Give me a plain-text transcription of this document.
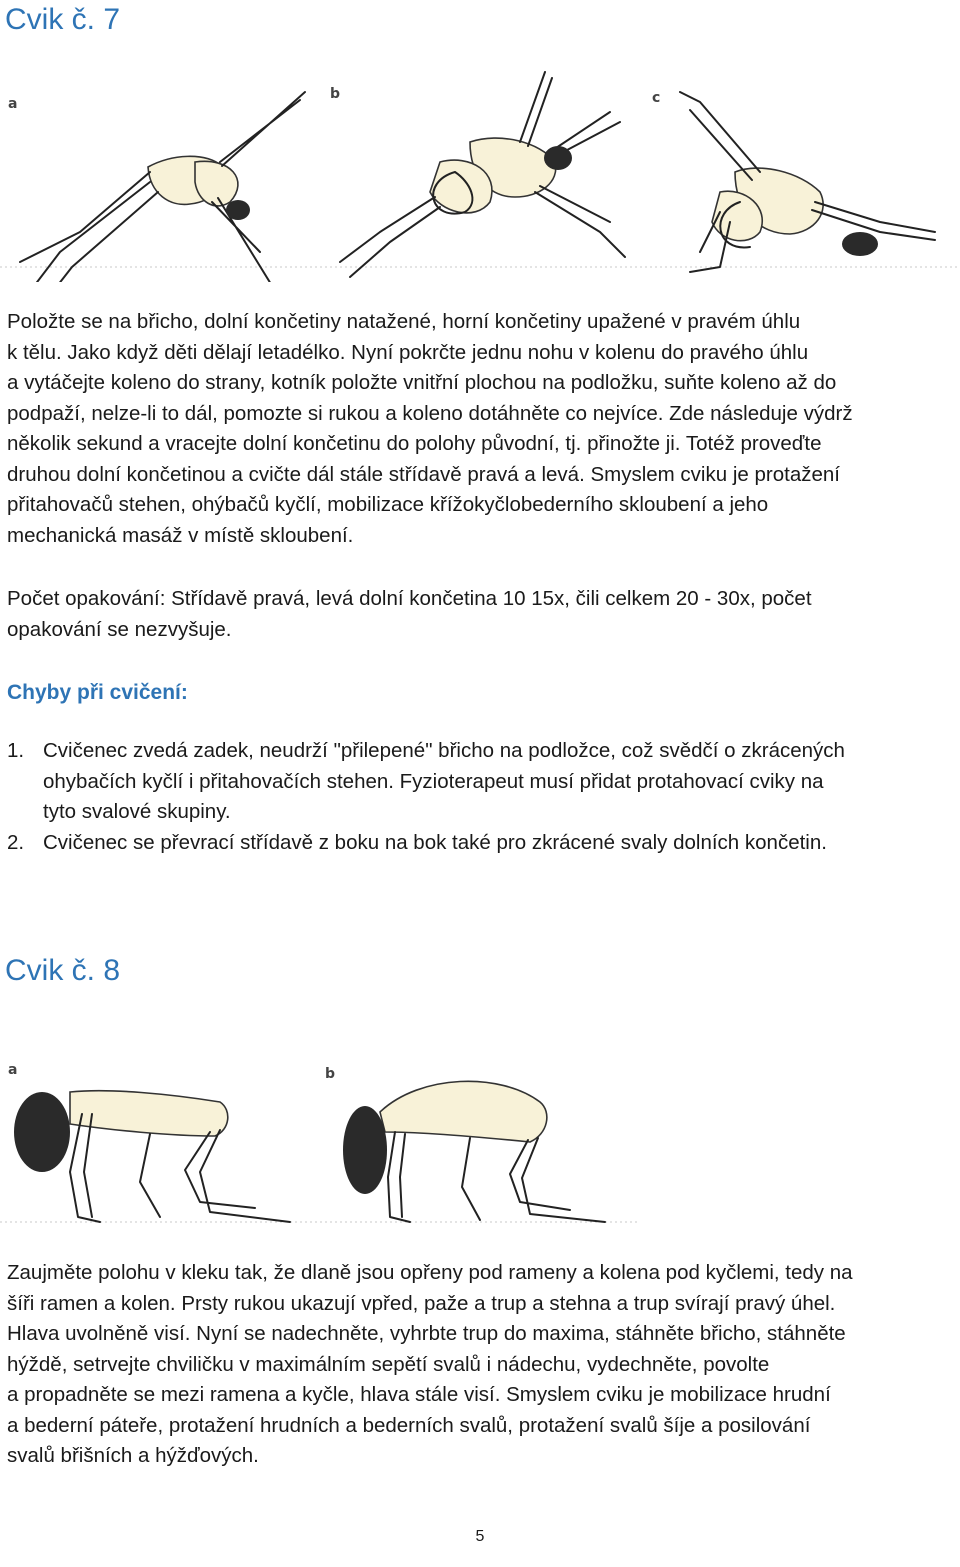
Cvik č. 7
a
b	c

Položte se na břicho, dolní končetiny natažené, horní končetiny upažené v pravém úhlu
k tělu. Jako když děti dělají letadélko. Nyní pokrčte jednu nohu v kolenu do pravého úhlu
a vytáčejte koleno do strany, kotník položte vnitřní plochou na podložku, suňte koleno až do
podpaží, nelze-li to dál, pomozte si rukou a koleno dotáhněte co nejvíce. Zde následuje výdrž
několik sekund a vracejte dolní končetinu do polohy původní, tj. přinožte ji. Totéž proveďte
druhou dolní končetinou a cvičte dál stále střídavě pravá a levá. Smyslem cviku je protažení
přitahovačů stehen, ohýbačů kyčlí, mobilizace křížokyčlobederního skloubení a jeho
mechanická masáž v místě skloubení.

Počet opakování: Střídavě pravá, levá dolní končetina 10 15x, čili celkem 20 - 30x, počet
opakování se nezvyšuje.

Chyby při cvičení:
1. Cvičenec zvedá zadek, neudrží "přilepené" břicho na podložce, což svědčí o zkrácených
ohybačích kyčlí i přitahovačích stehen. Fyzioterapeut musí přidat protahovací cviky na
tyto svalové skupiny.
2. Cvičenec se převrací střídavě z boku na bok také pro zkrácené svaly dolních končetin.
Cvik č. 8
a	b

Zaujměte polohu v kleku tak, že dlaně jsou opřeny pod rameny a kolena pod kyčlemi, tedy na
šíři ramen a kolen. Prsty rukou ukazují vpřed, paže a trup a stehna a trup svírají pravý úhel.
Hlava uvolněně visí. Nyní se nadechněte, vyhrbte trup do maxima, stáhněte břicho, stáhněte
hýždě, setrvejte chviličku v maximálním sepětí svalů i nádechu, vydechněte, povolte
a propadněte se mezi ramena a kyčle, hlava stále visí. Smyslem cviku je mobilizace hrudní
a bederní páteře, protažení hrudních a bederních svalů, protažení svalů šíje a posilování
svalů břišních a hýžďových.

5
